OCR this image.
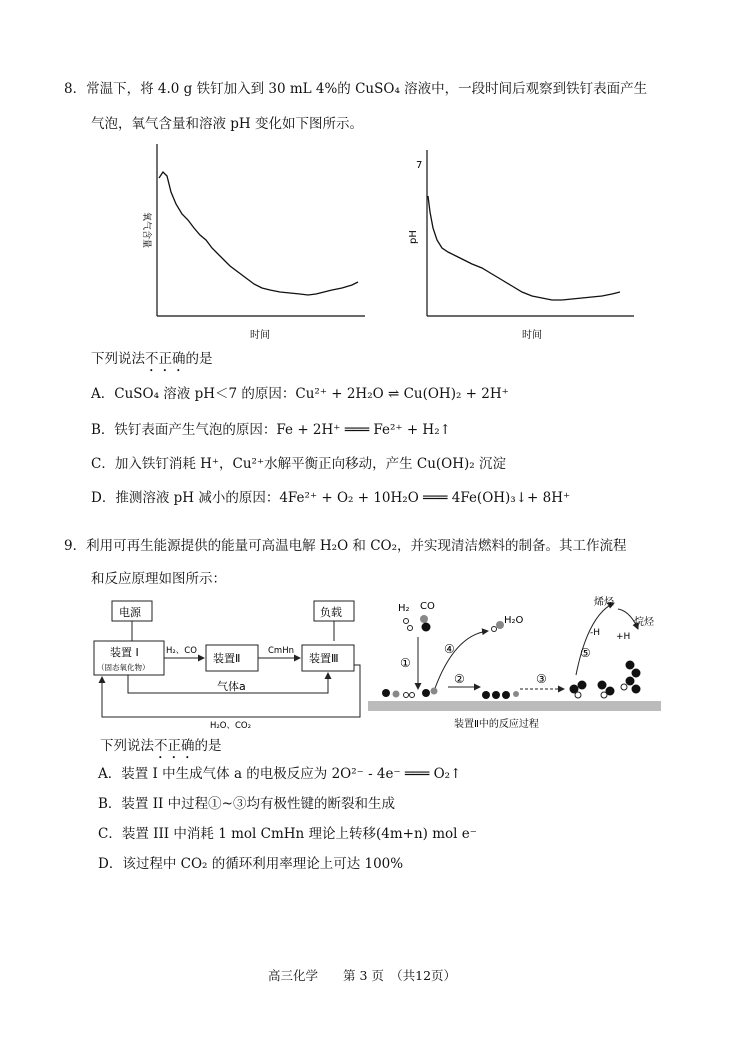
8．常温下，将 4.0 g 铁钉加入到 30 mL 4%的 CuSO₄ 溶液中，一段时间后观察到铁钉表面产生
气泡，氧气含量和溶液 pH 变化如下图所示。
氧气含量
时间
7
pH
时间
下列说法不正确的是
A．CuSO₄ 溶液 pH＜7 的原因：Cu²⁺ + 2H₂O ⇌ Cu(OH)₂ + 2H⁺
B．铁钉表面产生气泡的原因：Fe + 2H⁺ ═══ Fe²⁺ + H₂↑
C．加入铁钉消耗 H⁺，Cu²⁺水解平衡正向移动，产生 Cu(OH)₂ 沉淀
D．推测溶液 pH 减小的原因：4Fe²⁺ + O₂ + 10H₂O ═══ 4Fe(OH)₃↓+ 8H⁺
9．利用可再生能源提供的能量可高温电解 H₂O 和 CO₂，并实现清洁燃料的制备。其工作流程
和反应原理如图所示：
电源	负载
装置 I
（固态氧化物）
装置Ⅱ	装置Ⅲ
H₂、CO	CmHn
气体a
H₂O、CO₂
H₂ CO
①
H₂O
④
②	③
⑤
烯烃
-H +H
烷烃
装置Ⅱ中的反应过程
下列说法不正确的是
A．装置 I 中生成气体 a 的电极反应为 2O²⁻ - 4e⁻ ═══ O₂↑
B．装置 II 中过程①~③均有极性键的断裂和生成
C．装置 III 中消耗 1 mol CmHn 理论上转移(4m+n) mol e⁻
D．该过程中 CO₂ 的循环利用率理论上可达 100%
高三化学　　第 3 页　（共12页）
